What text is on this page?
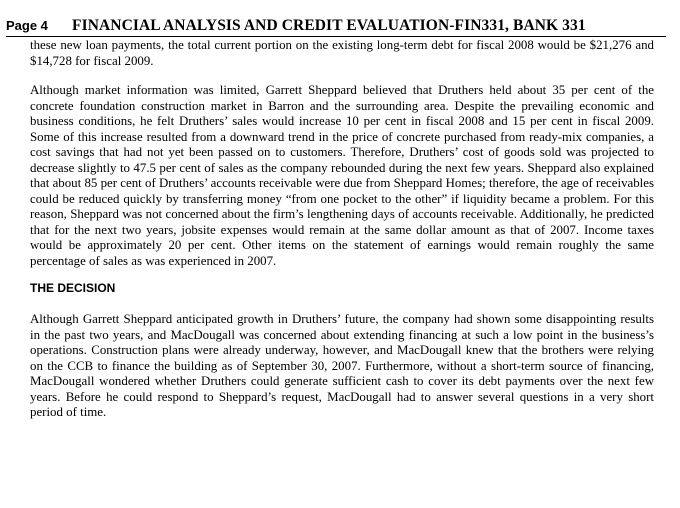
Page 4 FINANCIAL ANALYSIS AND CREDIT EVALUATION-FIN331, BANK 331

these new loan payments, the total current portion on the existing long-term debt for fiscal 2008 would be $21,276 and $14,728 for fiscal 2009.

Although market information was limited, Garrett Sheppard believed that Druthers held about 35 per cent of the concrete foundation construction market in Barron and the surrounding area. Despite the prevailing economic and business conditions, he felt Druthers’ sales would increase 10 per cent in fiscal 2008 and 15 per cent in fiscal 2009. Some of this increase resulted from a downward trend in the price of concrete purchased from ready-mix companies, a cost savings that had not yet been passed on to customers. Therefore, Druthers’ cost of goods sold was projected to decrease slightly to 47.5 per cent of sales as the company rebounded during the next few years. Sheppard also explained that about 85 per cent of Druthers’ accounts receivable were due from Sheppard Homes; therefore, the age of receivables could be reduced quickly by transferring money “from one pocket to the other” if liquidity became a problem. For this reason, Sheppard was not concerned about the firm’s lengthening days of accounts receivable. Additionally, he predicted that for the next two years, jobsite expenses would remain at the same dollar amount as that of 2007. Income taxes would be approximately 20 per cent. Other items on the statement of earnings would remain roughly the same percentage of sales as was experienced in 2007.

THE DECISION

Although Garrett Sheppard anticipated growth in Druthers’ future, the company had shown some disappointing results in the past two years, and MacDougall was concerned about extending financing at such a low point in the business’s operations. Construction plans were already underway, however, and MacDougall knew that the brothers were relying on the CCB to finance the building as of September 30, 2007. Furthermore, without a short-term source of financing, MacDougall wondered whether Druthers could generate sufficient cash to cover its debt payments over the next few years. Before he could respond to Sheppard’s request, MacDougall had to answer several questions in a very short period of time.
